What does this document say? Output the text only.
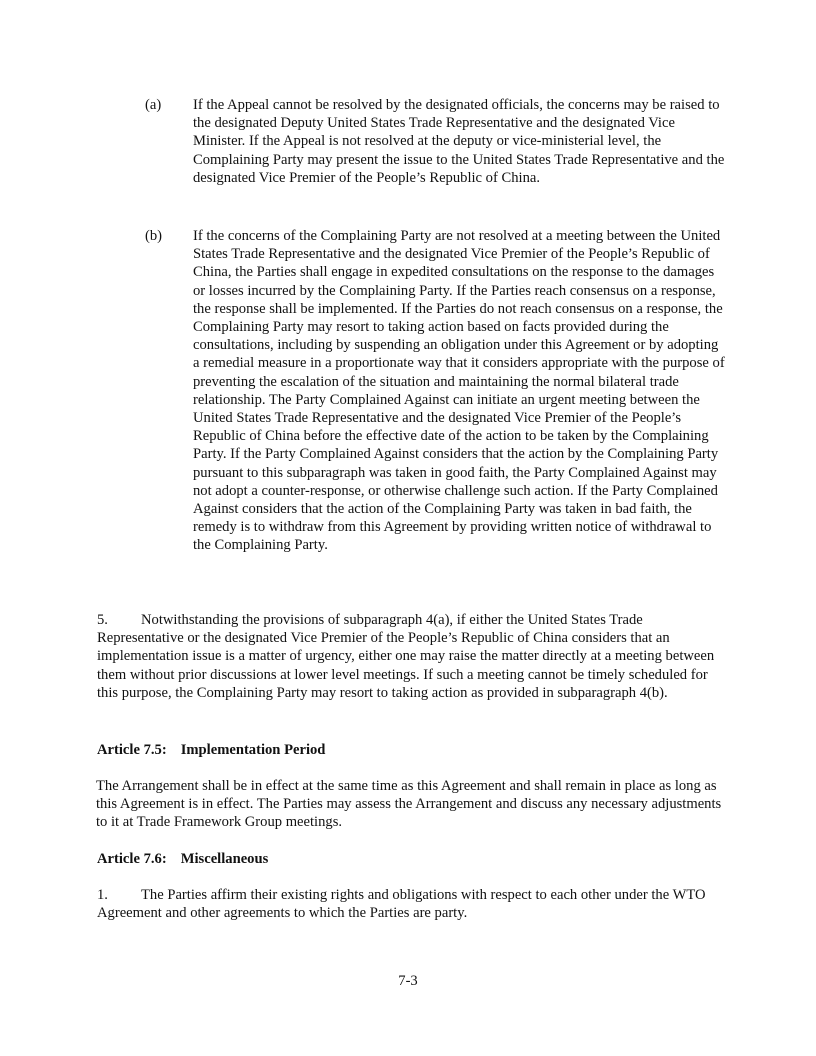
(a)	If the Appeal cannot be resolved by the designated officials, the concerns may be raised to the designated Deputy United States Trade Representative and the designated Vice Minister. If the Appeal is not resolved at the deputy or vice-ministerial level, the Complaining Party may present the issue to the United States Trade Representative and the designated Vice Premier of the People’s Republic of China.
(b)	If the concerns of the Complaining Party are not resolved at a meeting between the United States Trade Representative and the designated Vice Premier of the People’s Republic of China, the Parties shall engage in expedited consultations on the response to the damages or losses incurred by the Complaining Party. If the Parties reach consensus on a response, the response shall be implemented. If the Parties do not reach consensus on a response, the Complaining Party may resort to taking action based on facts provided during the consultations, including by suspending an obligation under this Agreement or by adopting a remedial measure in a proportionate way that it considers appropriate with the purpose of preventing the escalation of the situation and maintaining the normal bilateral trade relationship. The Party Complained Against can initiate an urgent meeting between the United States Trade Representative and the designated Vice Premier of the People’s Republic of China before the effective date of the action to be taken by the Complaining Party. If the Party Complained Against considers that the action by the Complaining Party pursuant to this subparagraph was taken in good faith, the Party Complained Against may not adopt a counter-response, or otherwise challenge such action. If the Party Complained Against considers that the action of the Complaining Party was taken in bad faith, the remedy is to withdraw from this Agreement by providing written notice of withdrawal to the Complaining Party.
5. Notwithstanding the provisions of subparagraph 4(a), if either the United States Trade Representative or the designated Vice Premier of the People’s Republic of China considers that an implementation issue is a matter of urgency, either one may raise the matter directly at a meeting between them without prior discussions at lower level meetings. If such a meeting cannot be timely scheduled for this purpose, the Complaining Party may resort to taking action as provided in subparagraph 4(b).
Article 7.5: Implementation Period
The Arrangement shall be in effect at the same time as this Agreement and shall remain in place as long as this Agreement is in effect. The Parties may assess the Arrangement and discuss any necessary adjustments to it at Trade Framework Group meetings.
Article 7.6: Miscellaneous
1. The Parties affirm their existing rights and obligations with respect to each other under the WTO Agreement and other agreements to which the Parties are party.
7-3
